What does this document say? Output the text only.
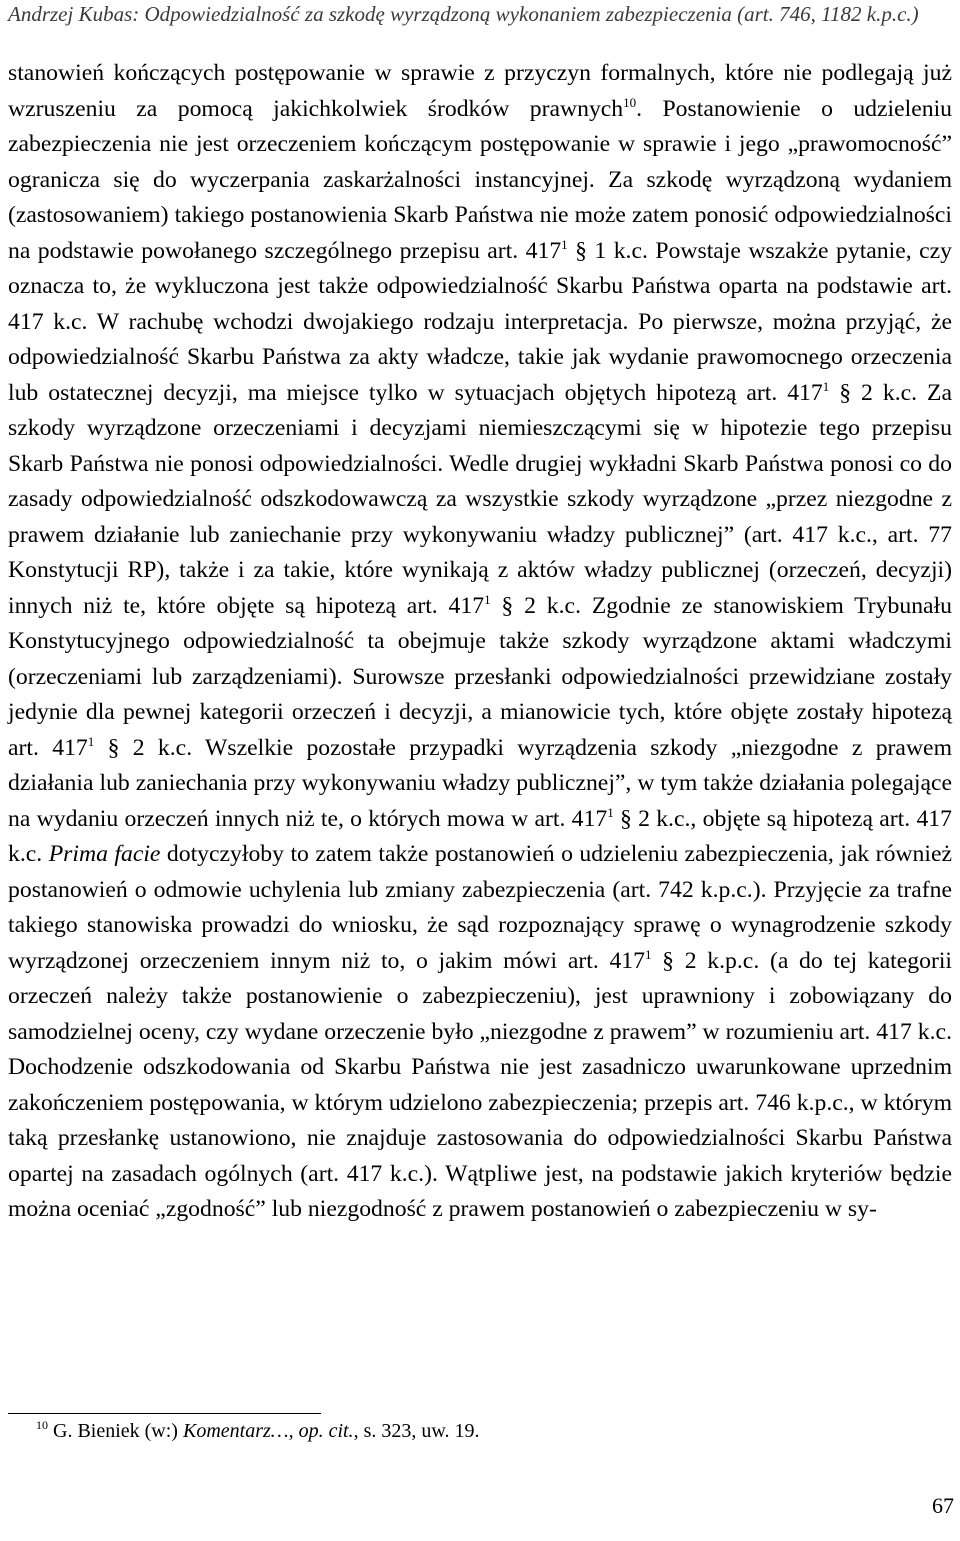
Andrzej Kubas: Odpowiedzialność za szkodę wyrządzoną wykonaniem zabezpieczenia (art. 746, 1182 k.p.c.)

stanowień kończących postępowanie w sprawie z przyczyn formalnych, które nie podlegają już wzruszeniu za pomocą jakichkolwiek środków prawnych$^{10}$. Postanowienie o udzieleniu zabezpieczenia nie jest orzeczeniem kończącym postępowanie w sprawie i jego „prawomocność” ogranicza się do wyczerpania zaskarżalności instancyjnej. Za szkodę wyrządzoną wydaniem (zastosowaniem) takiego postanowienia Skarb Państwa nie może zatem ponosić odpowiedzialności na podstawie powołanego szczególnego przepisu art. $417^1$ § 1 k.c. Powstaje wszakże pytanie, czy oznacza to, że wykluczona jest także odpowiedzialność Skarbu Państwa oparta na podstawie art. 417 k.c. W rachubę wchodzi dwojakiego rodzaju interpretacja. Po pierwsze, można przyjąć, że odpowiedzialność Skarbu Państwa za akty władcze, takie jak wydanie prawomocnego orzeczenia lub ostatecznej decyzji, ma miejsce tylko w sytuacjach objętych hipotezą art. $417^1$ § 2 k.c. Za szkody wyrządzone orzeczeniami i decyzjami niemieszczącymi się w hipotezie tego przepisu Skarb Państwa nie ponosi odpowiedzialności. Wedle drugiej wykładni Skarb Państwa ponosi co do zasady odpowiedzialność odszkodowawczą za wszystkie szkody wyrządzone „przez niezgodne z prawem działanie lub zaniechanie przy wykonywaniu władzy publicznej” (art. 417 k.c., art. 77 Konstytucji RP), także i za takie, które wynikają z aktów władzy publicznej (orzeczeń, decyzji) innych niż te, które objęte są hipotezą art. $417^1$ § 2 k.c. Zgodnie ze stanowiskiem Trybunału Konstytucyjnego odpowiedzialność ta obejmuje także szkody wyrządzone aktami władczymi (orzeczeniami lub zarządzeniami). Surowsze przesłanki odpowiedzialności przewidziane zostały jedynie dla pewnej kategorii orzeczeń i decyzji, a mianowicie tych, które objęte zostały hipotezą art. $417^1$ § 2 k.c. Wszelkie pozostałe przypadki wyrządzenia szkody „niezgodne z prawem działania lub zaniechania przy wykonywaniu władzy publicznej”, w tym także działania polegające na wydaniu orzeczeń innych niż te, o których mowa w art. $417^1$ § 2 k.c., objęte są hipotezą art. 417 k.c. Prima facie dotyczyłoby to zatem także postanowień o udzieleniu zabezpieczenia, jak również postanowień o odmowie uchylenia lub zmiany zabezpieczenia (art. 742 k.p.c.). Przyjęcie za trafne takiego stanowiska prowadzi do wniosku, że sąd rozpoznający sprawę o wynagrodzenie szkody wyrządzonej orzeczeniem innym niż to, o jakim mówi art. $417^1$ § 2 k.p.c. (a do tej kategorii orzeczeń należy także postanowienie o zabezpieczeniu), jest uprawniony i zobowiązany do samodzielnej oceny, czy wydane orzeczenie było „niezgodne z prawem” w rozumieniu art. 417 k.c. Dochodzenie odszkodowania od Skarbu Państwa nie jest zasadniczo uwarunkowane uprzednim zakończeniem postępowania, w którym udzielono zabezpieczenia; przepis art. 746 k.p.c., w którym taką przesłankę ustanowiono, nie znajduje zastosowania do odpowiedzialności Skarbu Państwa opartej na zasadach ogólnych (art. 417 k.c.). Wątpliwe jest, na podstawie jakich kryteriów będzie można oceniać „zgodność” lub niezgodność z prawem postanowień o zabezpieczeniu w sy-

$^{10}$ G. Bieniek (w:) Komentarz…, op. cit., s. 323, uw. 19.
67
